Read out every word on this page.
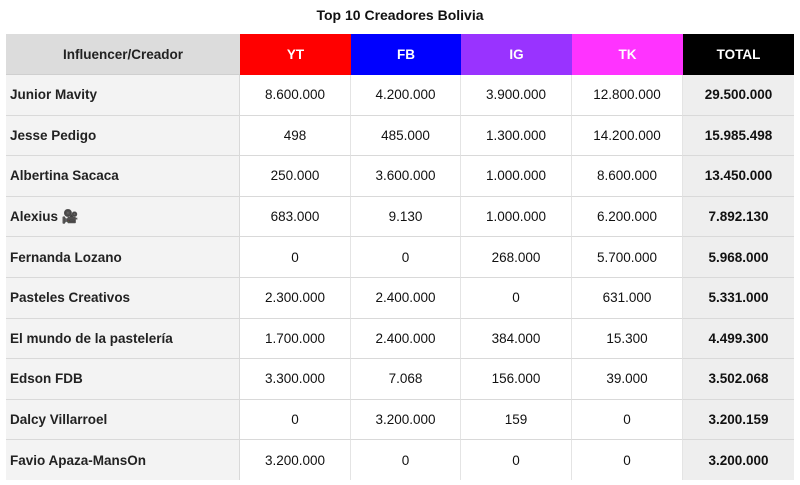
Top 10 Creadores Bolivia
Influencer/Creador	YT	FB	IG	TK	TOTAL
Junior Mavity	8.600.000	4.200.000	3.900.000	12.800.000	29.500.000
Jesse Pedigo	498	485.000	1.300.000	14.200.000	15.985.498
Albertina Sacaca	250.000	3.600.000	1.000.000	8.600.000	13.450.000
Alexius 🎥	683.000	9.130	1.000.000	6.200.000	7.892.130
Fernanda Lozano	0	0	268.000	5.700.000	5.968.000
Pasteles Creativos	2.300.000	2.400.000	0	631.000	5.331.000
El mundo de la pastelería	1.700.000	2.400.000	384.000	15.300	4.499.300
Edson FDB	3.300.000	7.068	156.000	39.000	3.502.068
Dalcy Villarroel	0	3.200.000	159	0	3.200.159
Favio Apaza-MansOn	3.200.000	0	0	0	3.200.000
